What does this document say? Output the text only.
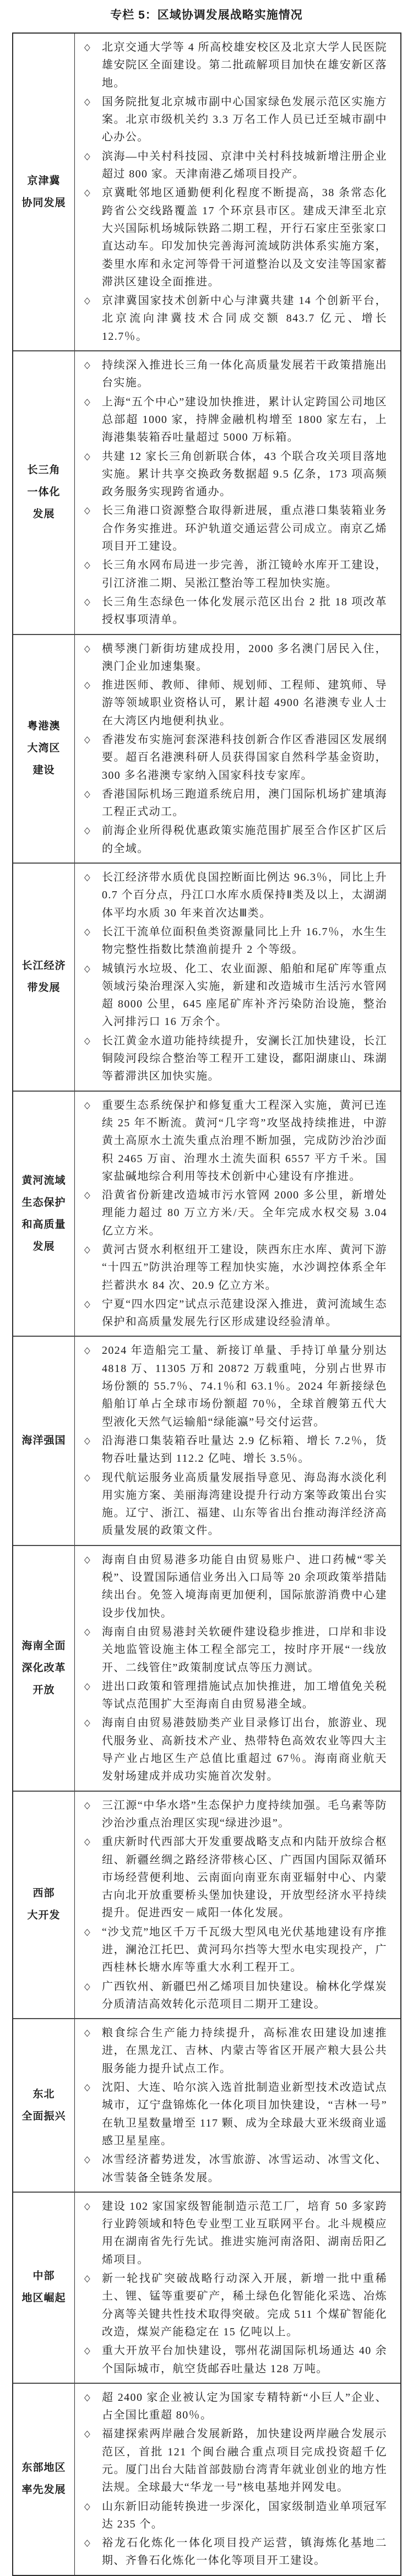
专栏 5：区域协调发展战略实施情况
京津冀
协同发展
◇	北京交通大学等 4 所高校雄安校区及北京大学人民医院雄安院区全面建设。第二批疏解项目加快在雄安新区落地。
◇	国务院批复北京城市副中心国家绿色发展示范区实施方案。北京市级机关约 3.3 万名工作人员已迁至城市副中心办公。
◇	滨海—中关村科技园、京津中关村科技城新增注册企业超过 800 家。天津南港乙烯项目投产。
◇	京冀毗邻地区通勤便利化程度不断提高，38 条常态化跨省公交线路覆盖 17 个环京县市区。建成天津至北京大兴国际机场城际铁路二期工程，开行石家庄至张家口直达动车。印发加快完善海河流域防洪体系实施方案，娄里水库和永定河等骨干河道整治以及文安洼等国家蓄滞洪区建设全面推进。
◇	京津冀国家技术创新中心与津冀共建 14 个创新平台，北京流向津冀技术合同成交额 843.7 亿元、增长 12.7％。
长三角
一体化
发展
◇	持续深入推进长三角一体化高质量发展若干政策措施出台实施。
◇	上海“五个中心”建设加快推进，累计认定跨国公司地区总部超 1000 家，持牌金融机构增至 1800 家左右，上海港集装箱吞吐量超过 5000 万标箱。
◇	共建 12 家长三角创新联合体，43 个联合攻关项目落地实施。累计共享交换政务数据超 9.5 亿条，173 项高频政务服务实现跨省通办。
◇	长三角港口资源整合取得新进展，重点港口集装箱业务合作务实推进。环沪轨道交通运营公司成立。南京乙烯项目开工建设。
◇	长三角水网布局进一步完善，浙江镜岭水库开工建设，引江济淮二期、吴淞江整治等工程加快实施。
◇	长三角生态绿色一体化发展示范区出台 2 批 18 项改革授权事项清单。
粤港澳
大湾区
建设
◇	横琴澳门新街坊建成投用，2000 多名澳门居民入住，澳门企业加速集聚。
◇	推进医师、教师、律师、规划师、工程师、建筑师、导游等领域职业资格认可，累计超 4900 名港澳专业人士在大湾区内地便利执业。
◇	香港发布实施河套深港科技创新合作区香港园区发展纲要。超百名港澳科研人员获得国家自然科学基金资助，300 多名港澳专家纳入国家科技专家库。
◇	香港国际机场三跑道系统启用，澳门国际机场扩建填海工程正式动工。
◇	前海企业所得税优惠政策实施范围扩展至合作区扩区后的全域。
长江经济
带发展
◇	长江经济带水质优良国控断面比例达 96.3％，同比上升 0.7 个百分点，丹江口水库水质保持Ⅱ类及以上，太湖湖体平均水质 30 年来首次达Ⅲ类。
◇	长江干流单位面积鱼类资源量同比上升 16.7％，水生生物完整性指数比禁渔前提升 2 个等级。
◇	城镇污水垃圾、化工、农业面源、船舶和尾矿库等重点领域污染治理深入实施，新建和改造城市生活污水管网超 8000 公里，645 座尾矿库补齐污染防治设施，整治入河排污口 16 万余个。
◇	长江黄金水道功能持续提升，安澜长江加快建设，长江铜陵河段综合整治等工程开工建设，鄱阳湖康山、珠湖等蓄滞洪区加快实施。
黄河流域
生态保护
和高质量
发展
◇	重要生态系统保护和修复重大工程深入实施，黄河已连续 25 年不断流。黄河“几字弯”攻坚战持续推进，中游黄土高原水土流失重点治理不断加强，完成防沙治沙面积 2465 万亩、治理水土流失面积 6557 平方千米。国家盐碱地综合利用等技术创新中心建设有序推进。
◇	沿黄省份新建改造城市污水管网 2000 多公里，新增处理能力超过 80 万立方米/天。全年完成水权交易 3.04 亿立方米。
◇	黄河古贤水利枢纽开工建设，陕西东庄水库、黄河下游“十四五”防洪治理等工程加快实施，水沙调控体系全年拦蓄洪水 84 次、20.9 亿立方米。
◇	宁夏“四水四定”试点示范建设深入推进，黄河流域生态保护和高质量发展先行区形成建设经验清单。
海洋强国
◇	2024 年造船完工量、新接订单量、手持订单量分别达 4818 万、11305 万和 20872 万载重吨，分别占世界市场份额的 55.7％、74.1％和 63.1％。2024 年新接绿色船舶订单占全球市场份额超 70％，全球首艘第五代大型液化天然气运输船“绿能瀛”号交付运营。
◇	沿海港口集装箱吞吐量达 2.9 亿标箱、增长 7.2％，货物吞吐量达到 112.2 亿吨、增长 3.5％。
◇	现代航运服务业高质量发展指导意见、海岛海水淡化利用实施方案、美丽海湾建设提升行动方案等政策出台实施。辽宁、浙江、福建、山东等省出台推动海洋经济高质量发展的政策文件。
海南全面
深化改革
开放
◇	海南自由贸易港多功能自由贸易账户、进口药械“零关税”、设置国际通信业务出入口局等 20 余项政策举措陆续出台。免签入境海南更加便利，国际旅游消费中心建设步伐加快。
◇	海南自由贸易港封关软硬件建设稳步推进，口岸和非设关地监管设施主体工程全部完工，按时序开展“一线放开、二线管住”政策制度试点等压力测试。
◇	进出口政策和管理措施试点加快推进，加工增值免关税等试点范围扩大至海南自由贸易港全域。
◇	海南自由贸易港鼓励类产业目录修订出台，旅游业、现代服务业、高新技术产业、热带特色高效农业等四大主导产业占地区生产总值比重超过 67％。海南商业航天发射场建成并成功实施首次发射。
西部
大开发
◇	三江源“中华水塔”生态保护力度持续加强。毛乌素等防沙治沙重点治理区实现“绿进沙退”。
◇	重庆新时代西部大开发重要战略支点和内陆开放综合枢纽、新疆丝绸之路经济带核心区、广西国内国际双循环市场经营便利地、云南面向南亚东南亚辐射中心、内蒙古向北开放重要桥头堡加快建设，开放型经济水平持续提升。促进西安－咸阳一体化发展。
◇	“沙戈荒”地区千万千瓦级大型风电光伏基地建设有序推进，澜沧江托巴、黄河玛尔挡等大型水电实现投产，广西桂林长塘水库等重大水利工程开工。
◇	广西钦州、新疆巴州乙烯项目加快建设。榆林化学煤炭分质清洁高效转化示范项目二期开工建设。
东北
全面振兴
◇	粮食综合生产能力持续提升，高标准农田建设加速推进，在黑龙江、吉林、内蒙古等省区开展产粮大县公共服务能力提升试点工作。
◇	沈阳、大连、哈尔滨入选首批制造业新型技术改造试点城市，辽宁盘锦炼化一体化项目加快建设，“吉林一号”在轨卫星数量增至 117 颗、成为全球最大亚米级商业遥感卫星星座。
◇	冰雪经济蓄势迸发，冰雪旅游、冰雪运动、冰雪文化、冰雪装备全链条发展。
中部
地区崛起
◇	建设 102 家国家级智能制造示范工厂，培育 50 多家跨行业跨领域和特色专业型工业互联网平台。北斗规模应用在湖南省先行先试。推进实施河南洛阳、湖南岳阳乙烯项目。
◇	新一轮找矿突破战略行动深入开展，新增一批中重稀土、锂、锰等重要矿产，稀土绿色化智能化采选、冶炼分离等关键共性技术取得突破。完成 511 个煤矿智能化改造，煤炭产能稳定在 15 亿吨以上。
◇	重大开放平台加快建设，鄂州花湖国际机场通达 40 余个国际城市，航空货邮吞吐量达 128 万吨。
东部地区
率先发展
◇	超 2400 家企业被认定为国家专精特新“小巨人”企业、占全国比重超 80％。
◇	福建探索两岸融合发展新路，加快建设两岸融合发展示范区，首批 121 个闽台融合重点项目完成投资超千亿元。厦门出台大陆首部鼓励台湾青年就业创业的地方性法规。全球最大“华龙一号”核电基地并网发电。
◇	山东新旧动能转换进一步深化，国家级制造业单项冠军达 235 个。
◇	裕龙石化炼化一体化项目投产运营，镇海炼化基地二期、齐鲁石化炼化一体化等项目开工建设。
